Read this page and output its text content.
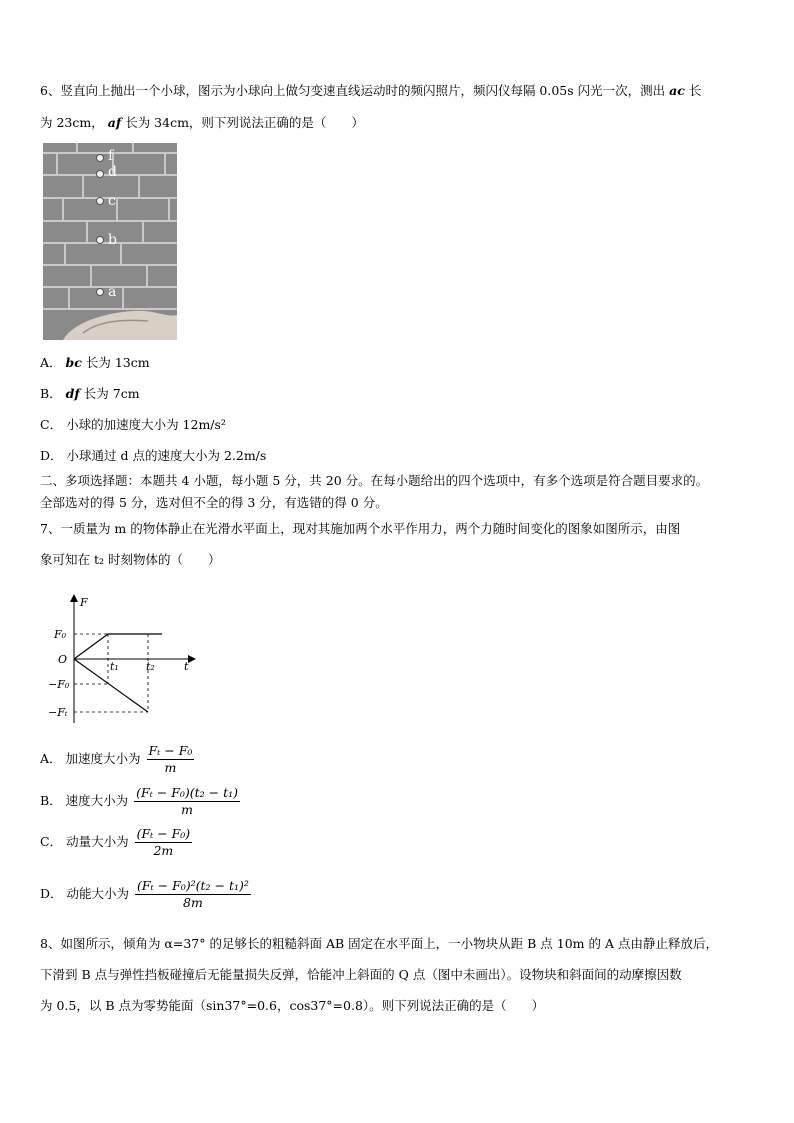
6、竖直向上抛出一个小球，图示为小球向上做匀变速直线运动时的频闪照片，频闪仪每隔 0.05s 闪光一次，测出 ac 长
为 23cm， af 长为 34cm，则下列说法正确的是（　　）
f
d
c
b
a
A． bc 长为 13cm
B． df 长为 7cm
C． 小球的加速度大小为 12m/s²
D． 小球通过 d 点的速度大小为 2.2m/s
二、多项选择题：本题共 4 小题，每小题 5 分，共 20 分。在每小题给出的四个选项中，有多个选项是符合题目要求的。
全部选对的得 5 分，选对但不全的得 3 分，有选错的得 0 分。
7、一质量为 m 的物体静止在光滑水平面上，现对其施加两个水平作用力，两个力随时间变化的图象如图所示，由图
象可知在 t₂ 时刻物体的（　　）
F
t
O
F₀
−F₀
−Fₜ
t₁ t₂
A． 加速度大小为 $\frac{\text{Fₜ − F₀}}{m}$
B． 速度大小为 $\frac{\text{(Fₜ − F₀)(t₂ − t₁)}}{m}$
C． 动量大小为 $\frac{\text{(Fₜ − F₀)}}{2m}$
D． 动能大小为 $\frac{\text{(Fₜ − F₀)²(t₂ − t₁)²}}{8m}$
8、如图所示，倾角为 α=37° 的足够长的粗糙斜面 AB 固定在水平面上，一小物块从距 B 点 10m 的 A 点由静止释放后，
下滑到 B 点与弹性挡板碰撞后无能量损失反弹，恰能冲上斜面的 Q 点（图中未画出）。设物块和斜面间的动摩擦因数
为 0.5，以 B 点为零势能面（sin37°=0.6，cos37°=0.8）。则下列说法正确的是（　　）
